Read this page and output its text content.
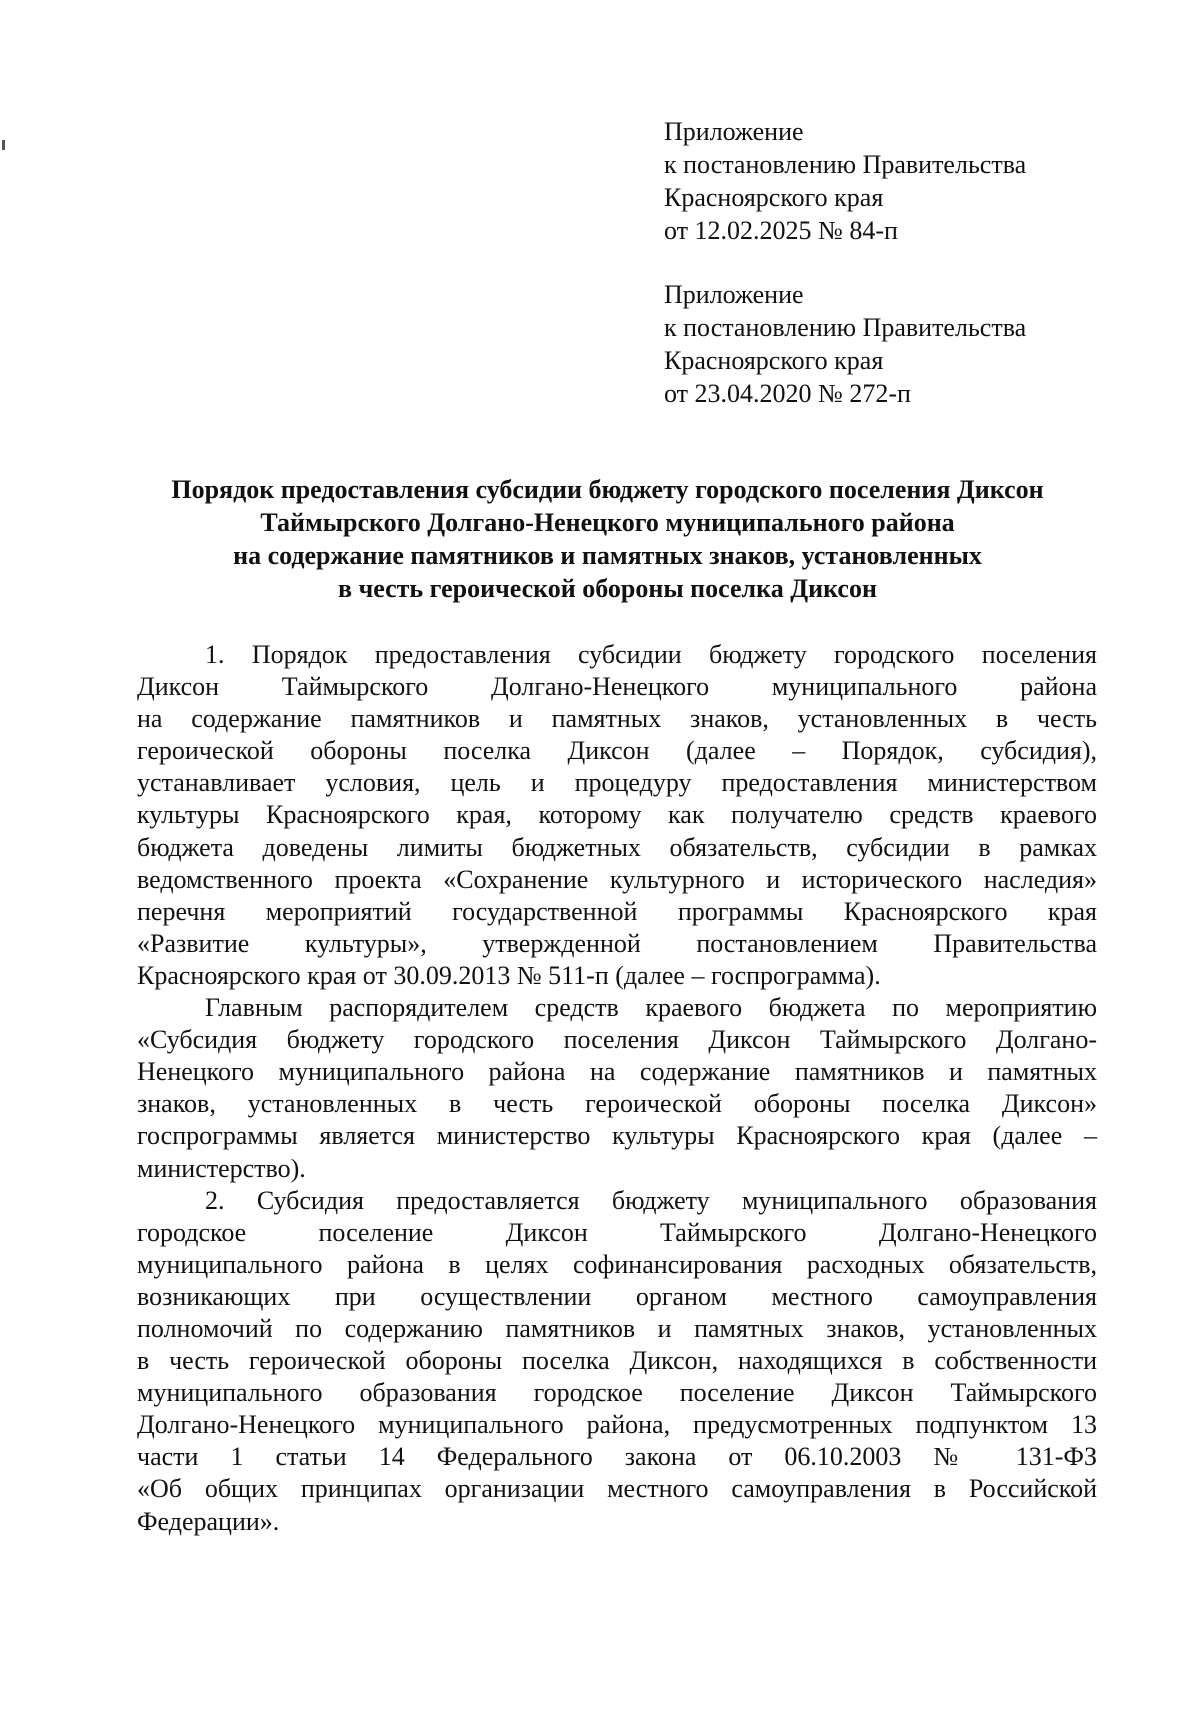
Приложение
к постановлению Правительства
Красноярского края
от 12.02.2025 № 84-п
Приложение
к постановлению Правительства
Красноярского края
от 23.04.2020 № 272-п
Порядок предоставления субсидии бюджету городского поселения Диксон
Таймырского Долгано-Ненецкого муниципального района
на содержание памятников и памятных знаков, установленных
в честь героической обороны поселка Диксон
1. Порядок предоставления субсидии бюджету городского поселения
Диксон Таймырского Долгано-Ненецкого муниципального района
на содержание памятников и памятных знаков, установленных в честь
героической обороны поселка Диксон (далее – Порядок, субсидия),
устанавливает условия, цель и процедуру предоставления министерством
культуры Красноярского края, которому как получателю средств краевого
бюджета доведены лимиты бюджетных обязательств, субсидии в рамках
ведомственного проекта «Сохранение культурного и исторического наследия»
перечня мероприятий государственной программы Красноярского края
«Развитие культуры», утвержденной постановлением Правительства
Красноярского края от 30.09.2013 № 511-п (далее – госпрограмма).
Главным распорядителем средств краевого бюджета по мероприятию
«Субсидия бюджету городского поселения Диксон Таймырского Долгано-
Ненецкого муниципального района на содержание памятников и памятных
знаков, установленных в честь героической обороны поселка Диксон»
госпрограммы является министерство культуры Красноярского края (далее –
министерство).
2. Субсидия предоставляется бюджету муниципального образования
городское поселение Диксон Таймырского Долгано-Ненецкого
муниципального района в целях софинансирования расходных обязательств,
возникающих при осуществлении органом местного самоуправления
полномочий по содержанию памятников и памятных знаков, установленных
в честь героической обороны поселка Диксон, находящихся в собственности
муниципального образования городское поселение Диксон Таймырского
Долгано-Ненецкого муниципального района, предусмотренных подпунктом 13
части 1 статьи 14 Федерального закона от 06.10.2003 № 131-ФЗ
«Об общих принципах организации местного самоуправления в Российской
Федерации».
